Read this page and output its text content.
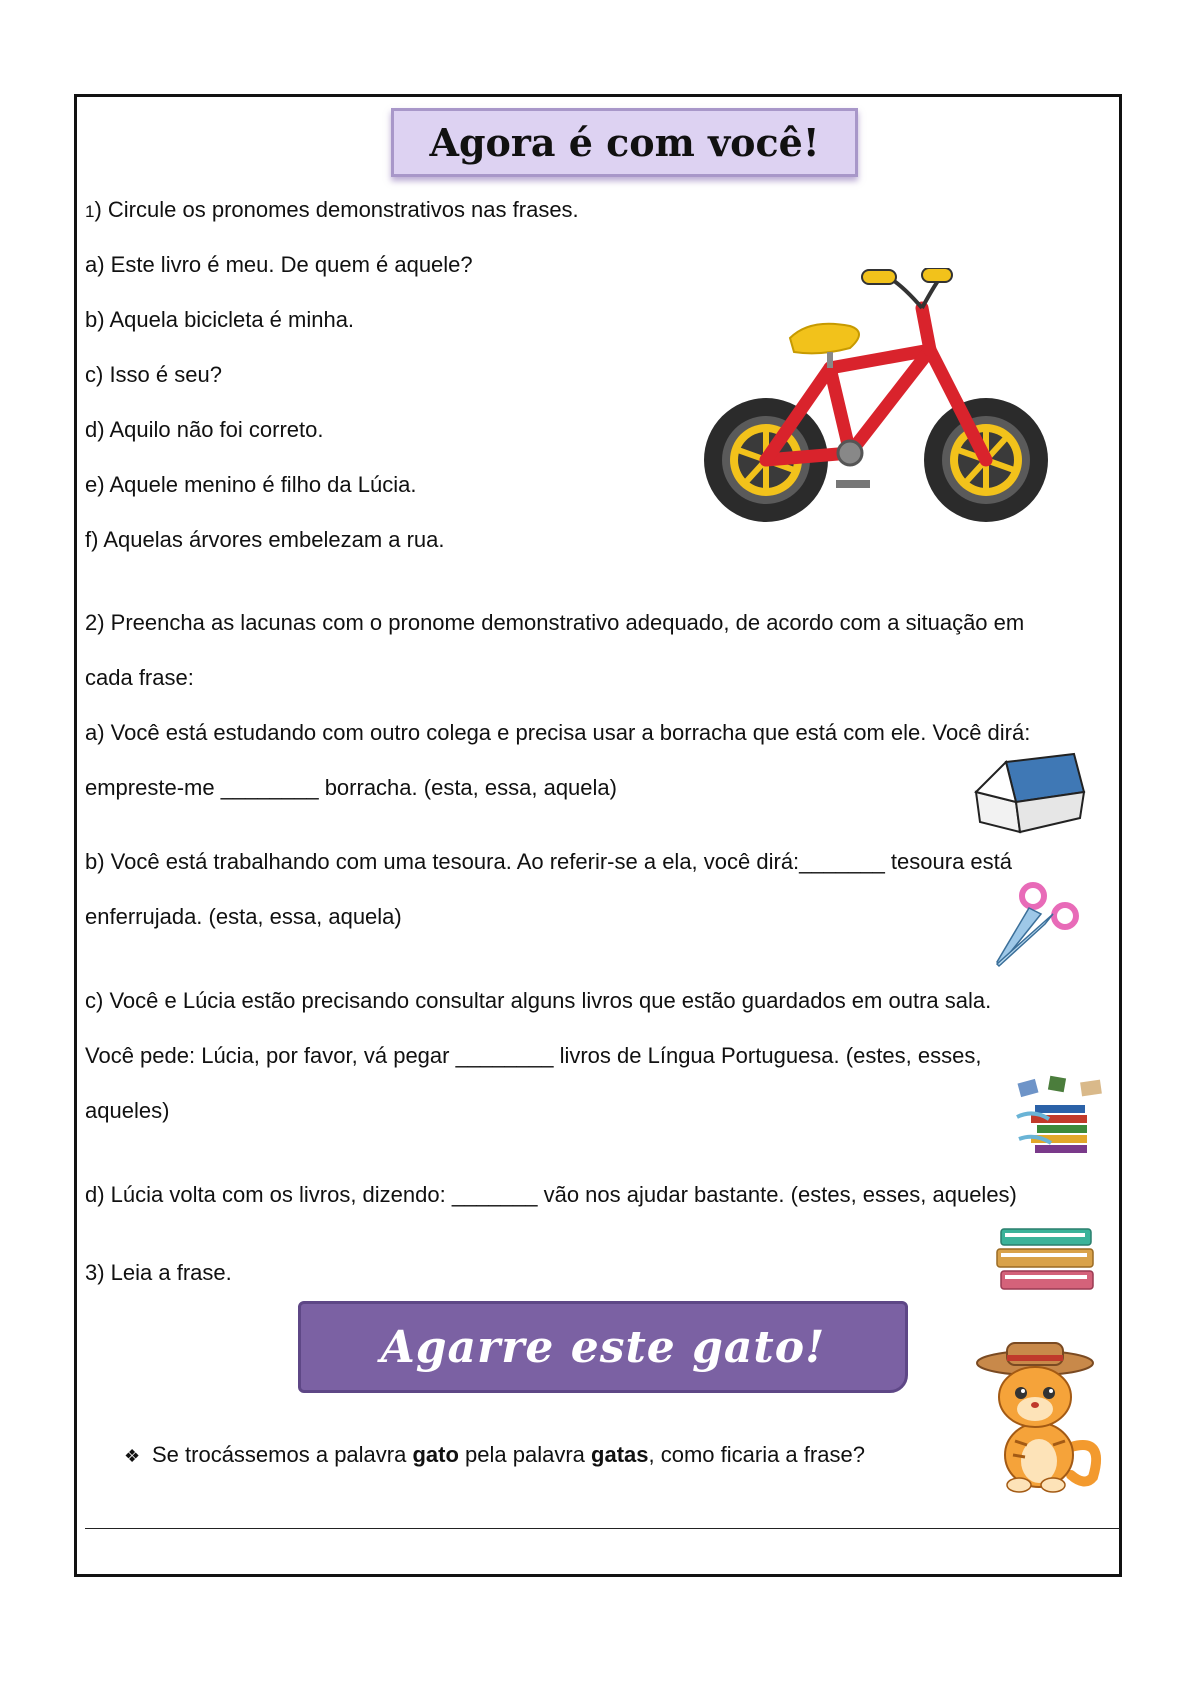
Agora é com você!
1) Circule os pronomes demonstrativos nas frases.
a) Este livro é meu. De quem é aquele?
b) Aquela bicicleta é minha.
c) Isso é seu?
d) Aquilo não foi correto.
e) Aquele menino é filho da Lúcia.
f) Aquelas árvores embelezam a rua.
2) Preencha as lacunas com o pronome demonstrativo adequado, de acordo com a situação em
cada frase:
a) Você está estudando com outro colega e precisa usar a borracha que está com ele. Você dirá:
empreste-me ________ borracha. (esta, essa, aquela)
b) Você está trabalhando com uma tesoura. Ao referir-se a ela, você dirá:_______ tesoura está
enferrujada. (esta, essa, aquela)
c) Você e Lúcia estão precisando consultar alguns livros que estão guardados em outra sala.
Você pede: Lúcia, por favor, vá pegar ________ livros de Língua Portuguesa. (estes, esses,
aqueles)
d) Lúcia volta com os livros, dizendo: _______ vão nos ajudar bastante. (estes, esses, aqueles)
3) Leia a frase.
Agarre este gato!
❖ Se trocássemos a palavra gato pela palavra gatas, como ficaria a frase?
